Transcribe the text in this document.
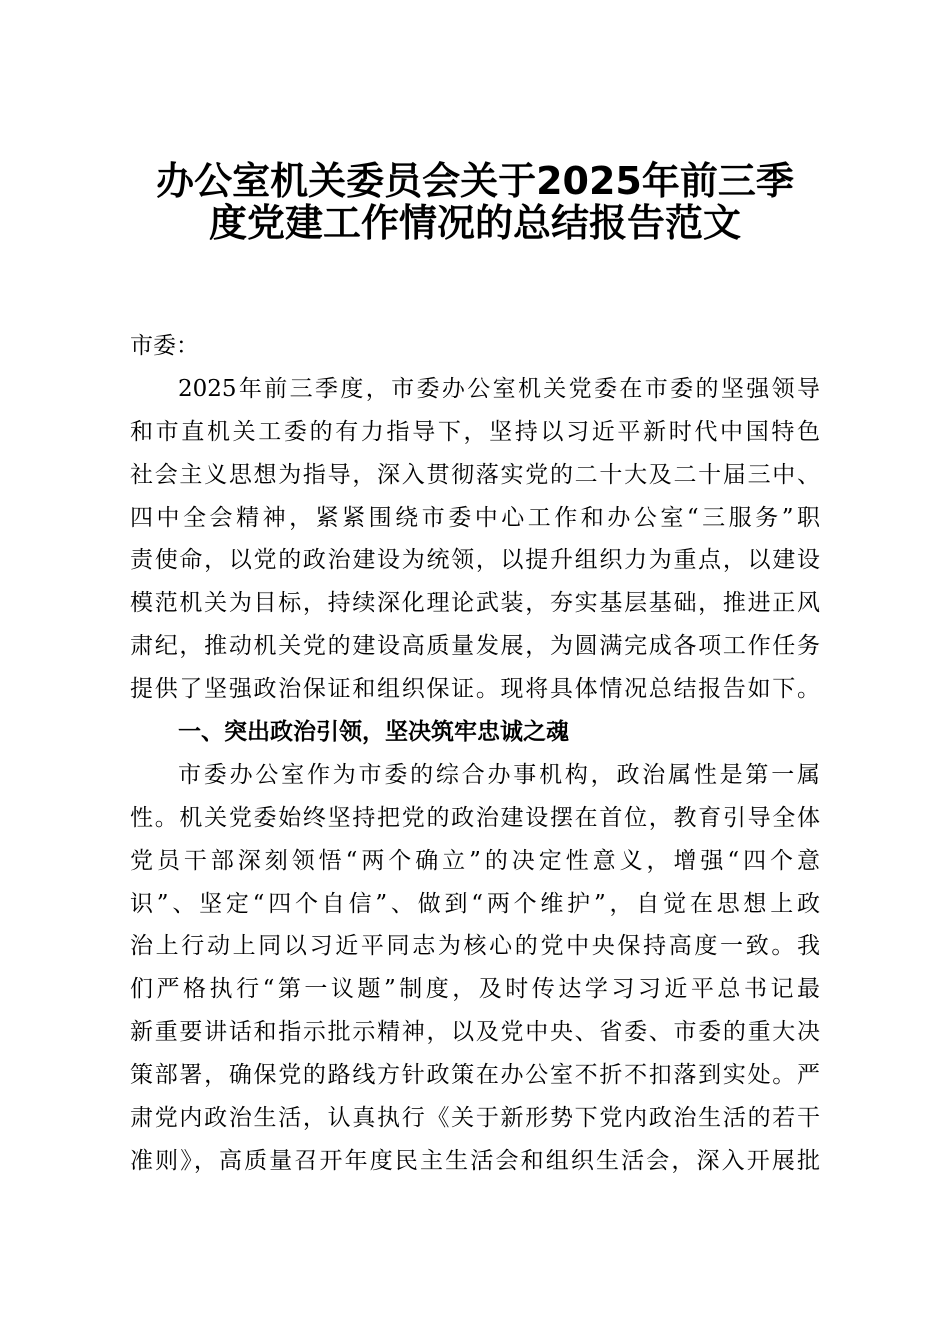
办公室机关委员会关于2025年前三季
度党建工作情况的总结报告范文
市委：
2025年前三季度，市委办公室机关党委在市委的坚强领导
和市直机关工委的有力指导下，坚持以习近平新时代中国特色
社会主义思想为指导，深入贯彻落实党的二十大及二十届三中、
四中全会精神，紧紧围绕市委中心工作和办公室“三服务”职
责使命，以党的政治建设为统领，以提升组织力为重点，以建设
模范机关为目标，持续深化理论武装，夯实基层基础，推进正风
肃纪，推动机关党的建设高质量发展，为圆满完成各项工作任务
提供了坚强政治保证和组织保证。现将具体情况总结报告如下。
一、突出政治引领，坚决筑牢忠诚之魂
市委办公室作为市委的综合办事机构，政治属性是第一属
性。机关党委始终坚持把党的政治建设摆在首位，教育引导全体
党员干部深刻领悟“两个确立”的决定性意义，增强“四个意
识”、坚定“四个自信”、做到“两个维护”，自觉在思想上政
治上行动上同以习近平同志为核心的党中央保持高度一致。我
们严格执行“第一议题”制度，及时传达学习习近平总书记最
新重要讲话和指示批示精神，以及党中央、省委、市委的重大决
策部署，确保党的路线方针政策在办公室不折不扣落到实处。严
肃党内政治生活，认真执行《关于新形势下党内政治生活的若干
准则》，高质量召开年度民主生活会和组织生活会，深入开展批
